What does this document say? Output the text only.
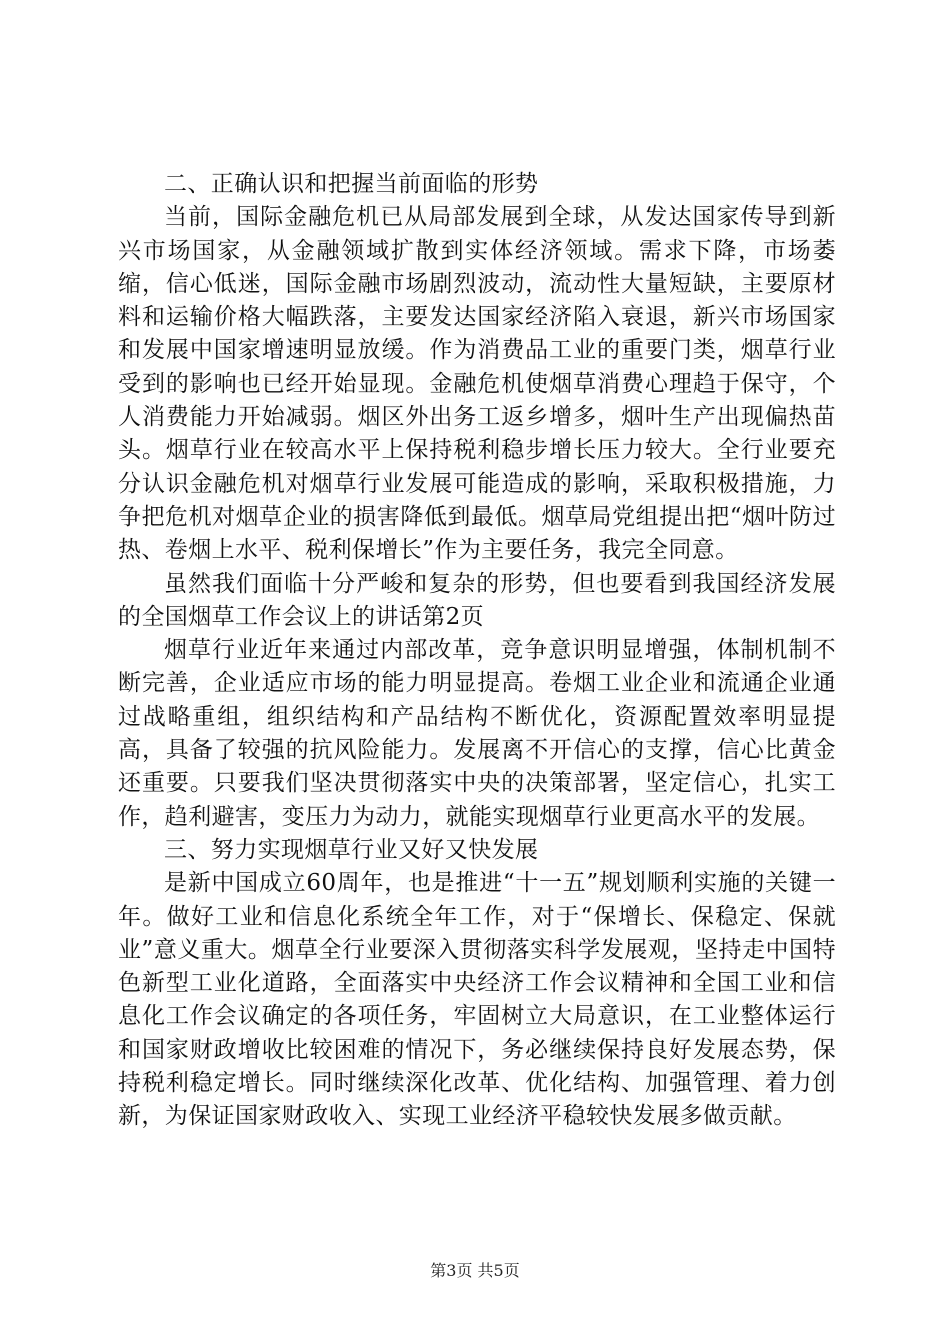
二、正确认识和把握当前面临的形势

当前，国际金融危机已从局部发展到全球，从发达国家传导到新兴市场国家，从金融领域扩散到实体经济领域。需求下降，市场萎缩，信心低迷，国际金融市场剧烈波动，流动性大量短缺，主要原材料和运输价格大幅跌落，主要发达国家经济陷入衰退，新兴市场国家和发展中国家增速明显放缓。作为消费品工业的重要门类，烟草行业受到的影响也已经开始显现。金融危机使烟草消费心理趋于保守，个人消费能力开始减弱。烟区外出务工返乡增多，烟叶生产出现偏热苗头。烟草行业在较高水平上保持税利稳步增长压力较大。全行业要充分认识金融危机对烟草行业发展可能造成的影响，采取积极措施，力争把危机对烟草企业的损害降低到最低。烟草局党组提出把“烟叶防过热、卷烟上水平、税利保增长”作为主要任务，我完全同意。

虽然我们面临十分严峻和复杂的形势，但也要看到我国经济发展的全国烟草工作会议上的讲话第2页

烟草行业近年来通过内部改革，竞争意识明显增强，体制机制不断完善，企业适应市场的能力明显提高。卷烟工业企业和流通企业通过战略重组，组织结构和产品结构不断优化，资源配置效率明显提高，具备了较强的抗风险能力。发展离不开信心的支撑，信心比黄金还重要。只要我们坚决贯彻落实中央的决策部署，坚定信心，扎实工作，趋利避害，变压力为动力，就能实现烟草行业更高水平的发展。

三、努力实现烟草行业又好又快发展

是新中国成立60周年，也是推进“十一五”规划顺利实施的关键一年。做好工业和信息化系统全年工作，对于“保增长、保稳定、保就业”意义重大。烟草全行业要深入贯彻落实科学发展观，坚持走中国特色新型工业化道路，全面落实中央经济工作会议精神和全国工业和信息化工作会议确定的各项任务，牢固树立大局意识，在工业整体运行和国家财政增收比较困难的情况下，务必继续保持良好发展态势，保持税利稳定增长。同时继续深化改革、优化结构、加强管理、着力创新，为保证国家财政收入、实现工业经济平稳较快发展多做贡献。

第3页 共5页
